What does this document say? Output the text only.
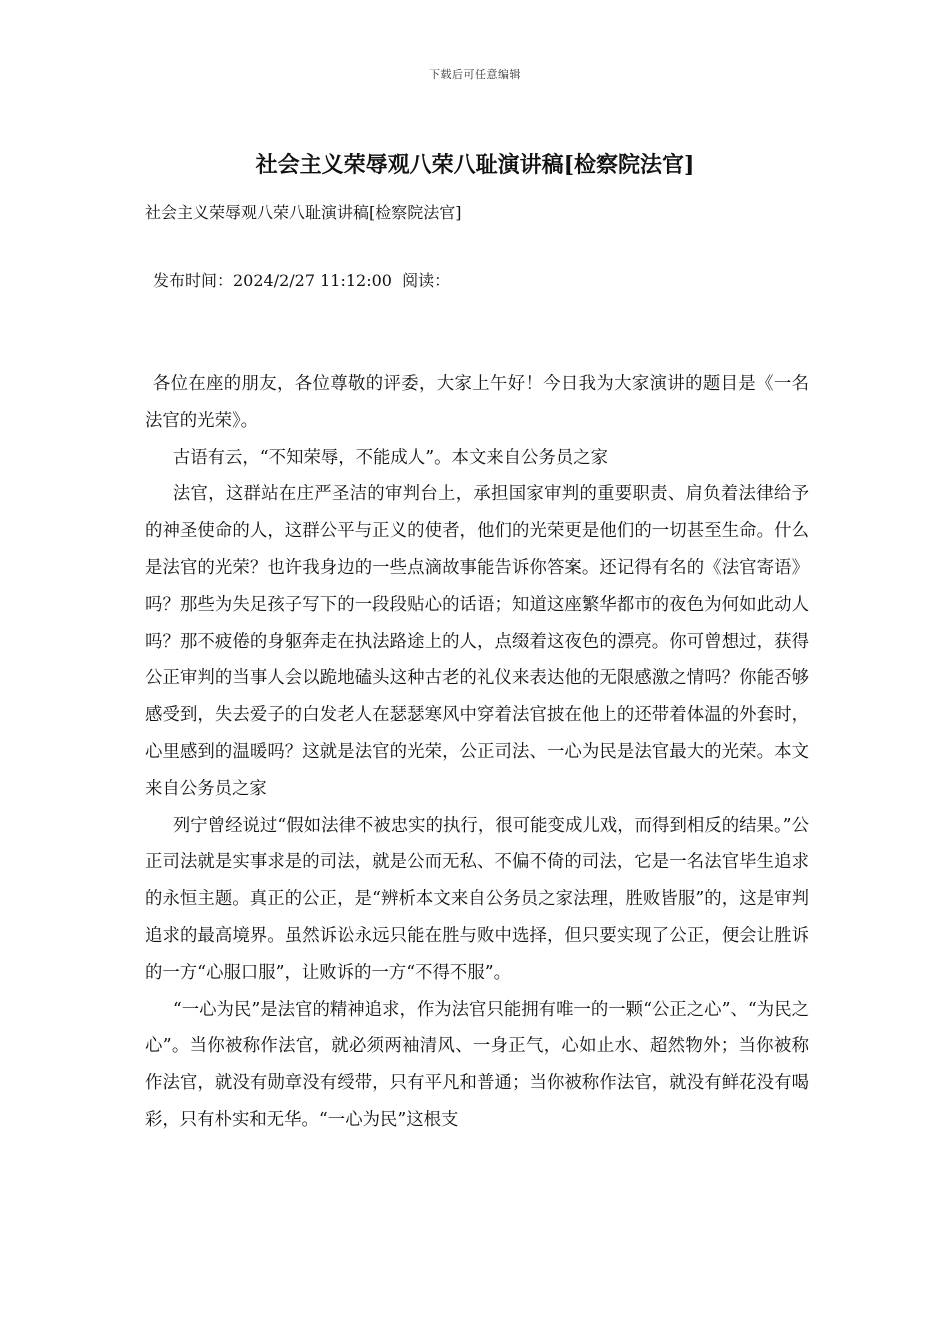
下载后可任意编辑
社会主义荣辱观八荣八耻演讲稿[检察院法官]
社会主义荣辱观八荣八耻演讲稿[检察院法官]
发布时间：2024/2/27 11:12:00  阅读：

各位在座的朋友，各位尊敬的评委，大家上午好！今日我为大家演讲的题目是《一名法官的光荣》。

古语有云，“不知荣辱，不能成人”。本文来自公务员之家

法官，这群站在庄严圣洁的审判台上，承担国家审判的重要职责、肩负着法律给予的神圣使命的人，这群公平与正义的使者，他们的光荣更是他们的一切甚至生命。什么是法官的光荣？也许我身边的一些点滴故事能告诉你答案。还记得有名的《法官寄语》吗？那些为失足孩子写下的一段段贴心的话语；知道这座繁华都市的夜色为何如此动人吗？那不疲倦的身躯奔走在执法路途上的人，点缀着这夜色的漂亮。你可曾想过，获得公正审判的当事人会以跪地磕头这种古老的礼仪来表达他的无限感激之情吗？你能否够感受到，失去爱子的白发老人在瑟瑟寒风中穿着法官披在他上的还带着体温的外套时，心里感到的温暖吗？这就是法官的光荣，公正司法、一心为民是法官最大的光荣。本文来自公务员之家

列宁曾经说过“假如法律不被忠实的执行，很可能变成儿戏，而得到相反的结果。”公正司法就是实事求是的司法，就是公而无私、不偏不倚的司法，它是一名法官毕生追求的永恒主题。真正的公正，是“辨析本文来自公务员之家法理，胜败皆服”的，这是审判追求的最高境界。虽然诉讼永远只能在胜与败中选择，但只要实现了公正，便会让胜诉的一方“心服口服”，让败诉的一方“不得不服”。

“一心为民”是法官的精神追求，作为法官只能拥有唯一的一颗“公正之心”、“为民之心”。当你被称作法官，就必须两袖清风、一身正气，心如止水、超然物外；当你被称作法官，就没有勋章没有绶带，只有平凡和普通；当你被称作法官，就没有鲜花没有喝彩，只有朴实和无华。“一心为民”这根支
